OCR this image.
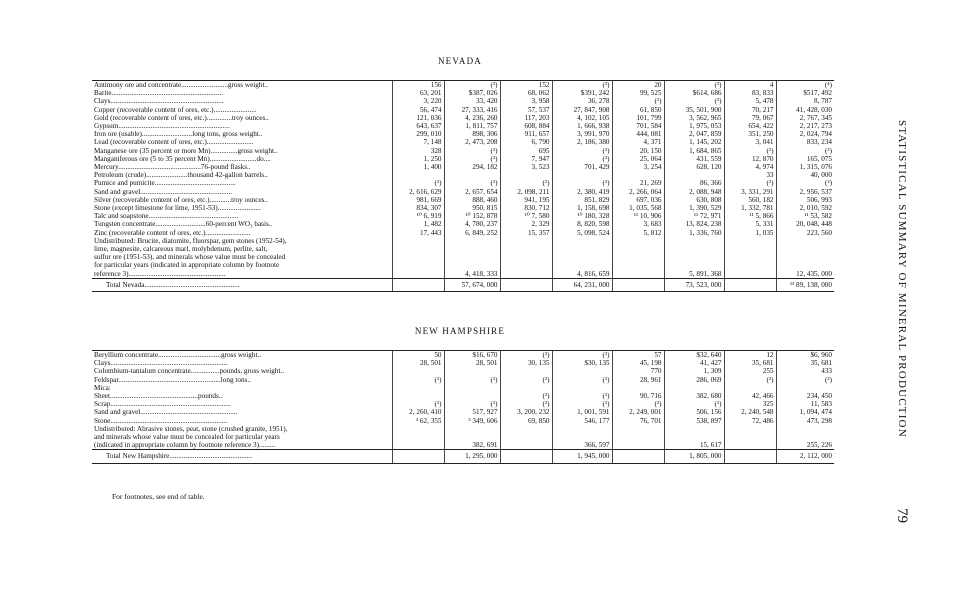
NEVADA
Antimony ore and concentrate..........................gross weight..	156	(²)	152	(²)	20	(²)	4	(⁴)
Barite..............................................................	63, 201	$387, 026	68, 062	$391, 242	99, 525	$614, 686	83, 833	$517, 492
Clays...............................................................	3, 220	33, 420	3, 958	36, 278	(²)	(²)	5, 478	8, 787
Copper (recoverable content of ores, etc.)........................	56, 474	27, 333, 416	57, 537	27, 847, 908	61, 850	35, 501, 900	70, 217	41, 428, 030
Gold (recoverable content of ores, etc.)..............troy ounces..	121, 036	4, 236, 260	117, 203	4, 102, 105	101, 799	3, 562, 965	79, 067	2, 767, 345
Gypsum..............................................................	643, 637	1, 811, 757	608, 884	1, 666, 938	701, 584	1, 975, 053	654, 422	2, 217, 273
Iron ore (usable)............................long tons, gross weight..	299, 010	898, 306	911, 657	3, 991, 970	444, 081	2, 047, 859	351, 250	2, 024, 794
Lead (recoverable content of ores, etc.)..........................	7, 148	2, 473, 208	6, 790	2, 186, 380	4, 371	1, 145, 202	3, 041	833, 234
Manganese ore (35 percent or more Mn)...............gross weight..	328	(²)	695	(²)	20, 150	1, 684, 865	(²)	(²)
Manganiferous ore (5 to 35 percent Mn)..........................do....	1, 250	(²)	7, 947	(²)	25, 064	431, 559	12, 870	165, 075
Mercury..............................................76-pound flasks..	1, 400	294, 182	3, 523	701, 429	3, 254	628, 120	4, 974	1, 315, 076
Petroleum (crude).......................thousand 42-gallon barrels..							33	40, 000
Pumice and pumicite.............................................	(²)	(²)	(²)	(²)	21, 269	86, 366	(²)	(²)
Sand and gravel...................................................	2, 616, 629	2, 657, 654	2, 098, 211	2, 380, 419	2, 266, 064	2, 088, 948	3, 331, 291	2, 956, 537
Silver (recoverable content of ores, etc.)............troy ounces..	981, 669	888, 460	941, 195	851, 829	697, 036	630, 808	560, 182	506, 993
Stone (except limestone for lime, 1951-53)........................	834, 307	950, 815	830, 712	1, 158, 698	1, 035, 568	1, 390, 529	1, 332, 781	2, 010, 592
Talc and soapstone..................................................	¹⁰ 6, 919	¹⁰ 152, 878	¹⁰ 7, 580	¹⁰ 180, 328	¹¹ 10, 906	¹¹ 72, 971	¹¹ 5, 866	¹¹ 53, 582
Tungsten concentrate............................60-percent WO₃ basis..	1, 482	4, 780, 237	2, 329	8, 820, 598	3, 683	13, 824, 238	5, 331	20, 048, 448
Zinc (recoverable content of ores, etc.).........................	17, 443	6, 849, 252	15, 357	5, 098, 524	5, 812	1, 336, 760	1, 035	223, 560
Undistributed: Brucite, diatomite, fluorspar, gem stones (1952-54),								
lime, magnesite, calcareous marl, molybdenum, perlite, salt,								
sulfur ore (1951-53), and minerals whose value must be concealed								
for particular years (indicated in appropriate column by footnote								
reference 3)......................................................		4, 418, 333		4, 816, 659		5, 891, 368		12, 435, 000
Total Nevada.....................................................		57, 674, 000		64, 231, 000		73, 523, 000		¹² 89, 138, 000
NEW HAMPSHIRE
Beryllium concentrate...................................gross weight..	50	$16, 670	(²)	(²)	57	$32, 640	12	$6, 960
Clays.................................................................	28, 501	28, 501	30, 135	$30, 135	45, 198	41, 427	35, 681	35, 681
Columbium-tantalum concentrate................pounds, gross weight..					770	1, 309	255	433
Feldspar.........................................................long tons..	(²)	(²)	(²)	(²)	28, 961	286, 069	(²)	(²)
Mica:								
Sheet.................................................pounds..			(²)	(²)	90, 716	382, 680	42, 466	234, 450
Scrap...................................................................	(²)	(²)	(²)	(²)	(²)	(²)	325	11, 583
Sand and gravel......................................................	2, 260, 410	517, 927	3, 200, 232	1, 001, 591	2, 249, 001	506, 156	2, 240, 548	1, 094, 474
Stone.................................................................	³ 62, 355	³ 349, 606	69, 850	546, 177	76, 701	538, 897	72, 486	473, 298
Undistributed: Abrasive stones, peat, stone (crushed granite, 1951),								
and minerals whose value must be concealed for particular years								
(indicated in appropriate column by footnote reference 3).........		382, 691		366, 597		15, 617		255, 226
Total New Hampshire..............................................		1, 295, 000		1, 945, 000		1, 805, 000		2, 112, 000
For footnotes, see end of table.
STATISTICAL SUMMARY OF MINERAL PRODUCTION
79
